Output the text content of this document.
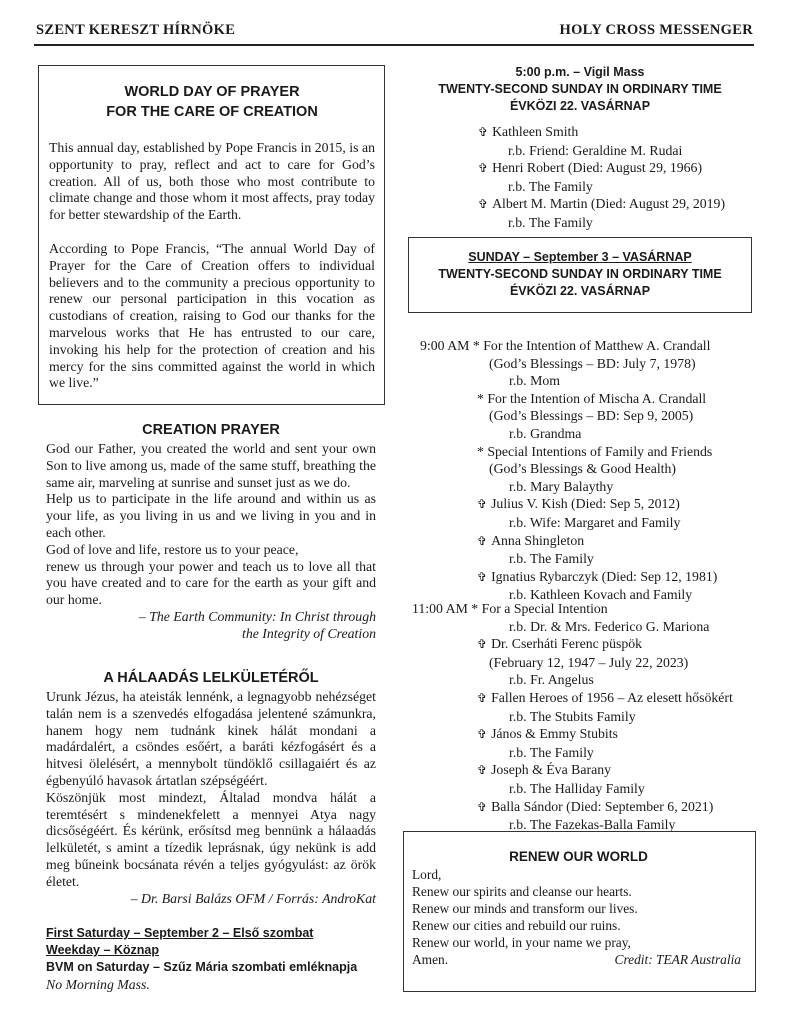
SZENT KERESZT HÍRNÖKE	HOLY CROSS MESSENGER
WORLD DAY OF PRAYER
FOR THE CARE OF CREATION
This annual day, established by Pope Francis in 2015, is an opportunity to pray, reflect and act to care for God’s creation. All of us, both those who most contribute to climate change and those whom it most affects, pray today for better stewardship of the Earth.
According to Pope Francis, “The annual World Day of Prayer for the Care of Creation offers to individual believers and to the community a precious opportunity to renew our personal participation in this vocation as custodians of creation, raising to God our thanks for the marvelous works that He has entrusted to our care, invoking his help for the protection of creation and his mercy for the sins committed against the world in which we live.”
CREATION PRAYER
God our Father, you created the world and sent your own Son to live among us, made of the same stuff, breathing the same air, marveling at sunrise and sunset just as we do.
Help us to participate in the life around and within us as your life, as you living in us and we living in you and in each other.
God of love and life, restore us to your peace,
renew us through your power and teach us to love all that you have created and to care for the earth as your gift and our home.
– The Earth Community: In Christ through
the Integrity of Creation
A HÁLAADÁS LELKÜLETÉRŐL
Urunk Jézus, ha ateisták lennénk, a legnagyobb nehézséget talán nem is a szenvedés elfogadása jelentené számunkra, hanem hogy nem tudnánk kinek hálát mondani a madárdalért, a csöndes esőért, a baráti kézfogásért és a hitvesi ölelésért, a mennybolt tündöklő csillagaiért és az égbenyúló havasok ártatlan szépségéért.
Köszönjük most mindezt, Általad mondva hálát a teremtésért s mindenekfelett a mennyei Atya nagy dicsőségéért. És kérünk, erősítsd meg bennünk a hálaadás lelkületét, s amint a tízedik leprásnak, úgy nekünk is add meg bűneink bocsánata révén a teljes gyógyulást: az örök életet.
– Dr. Barsi Balázs OFM / Forrás: AndroKat
First Saturday – September 2 – Első szombat
Weekday – Köznap
BVM on Saturday – Szűz Mária szombati emléknapja
No Morning Mass.
5:00 p.m. – Vigil Mass
TWENTY-SECOND SUNDAY IN ORDINARY TIME
ÉVKÖZI 22. VASÁRNAP
✞ Kathleen Smith
r.b. Friend: Geraldine M. Rudai
✞ Henri Robert (Died: August 29, 1966)
r.b. The Family
✞ Albert M. Martin (Died: August 29, 2019)
r.b. The Family
SUNDAY – September 3 – VASÁRNAP
TWENTY-SECOND SUNDAY IN ORDINARY TIME
ÉVKÖZI 22. VASÁRNAP
9:00 AM * For the Intention of Matthew A. Crandall
(God’s Blessings – BD: July 7, 1978)
r.b. Mom
* For the Intention of Mischa A. Crandall
(God’s Blessings – BD: Sep 9, 2005)
r.b. Grandma
* Special Intentions of Family and Friends
(God’s Blessings & Good Health)
r.b. Mary Balaythy
✞ Julius V. Kish (Died: Sep 5, 2012)
r.b. Wife: Margaret and Family
✞ Anna Shingleton
r.b. The Family
✞ Ignatius Rybarczyk (Died: Sep 12, 1981)
r.b. Kathleen Kovach and Family
11:00 AM * For a Special Intention
r.b. Dr. & Mrs. Federico G. Mariona
✞ Dr. Cserháti Ferenc püspök
(February 12, 1947 – July 22, 2023)
r.b. Fr. Angelus
✞ Fallen Heroes of 1956 – Az elesett hősökért
r.b. The Stubits Family
✞ János & Emmy Stubits
r.b. The Family
✞ Joseph & Éva Barany
r.b. The Halliday Family
✞ Balla Sándor (Died: September 6, 2021)
r.b. The Fazekas-Balla Family
RENEW OUR WORLD
Lord,
Renew our spirits and cleanse our hearts.
Renew our minds and transform our lives.
Renew our cities and rebuild our ruins.
Renew our world, in your name we pray,
Amen.	Credit: TEAR Australia
